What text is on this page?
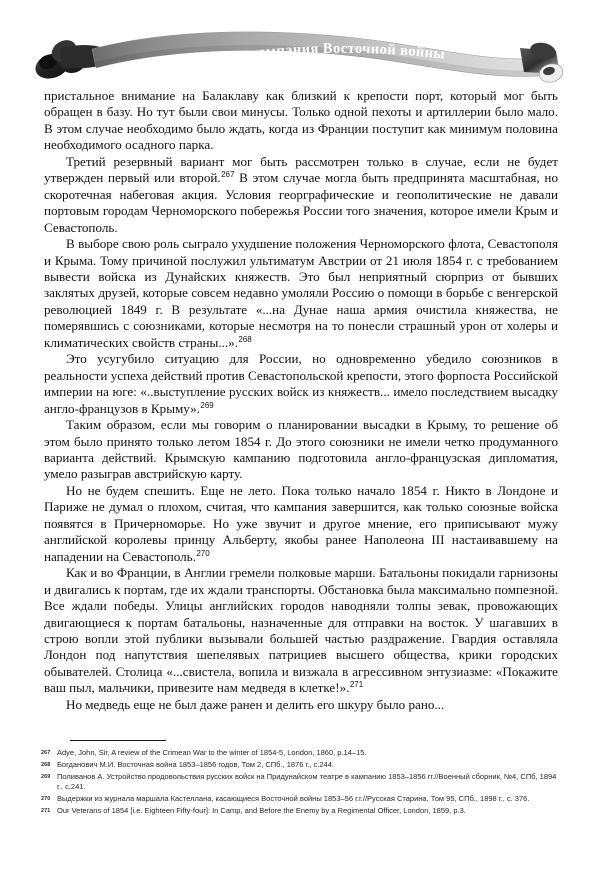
Крымская кампания Восточной войны

пристальное внимание на Балаклаву как близкий к крепости порт, который мог быть обращен в базу. Но тут были свои минусы. Только одной пехоты и артиллерии было мало. В этом случае необходимо было ждать, когда из Франции поступит как минимум половина необходимого осадного парка.

Третий резервный вариант мог быть рассмотрен только в случае, если не будет утвержден первый или второй.$^{267}$ В этом случае могла быть предпринята масштабная, но скоротечная набеговая акция. Условия георграфические и геополитические не давали портовым городам Черноморского побережья России того значения, которое имели Крым и Севастополь.

В выборе свою роль сыграло ухудшение положения Черноморского флота, Севастополя и Крыма. Тому причиной послужил ультиматум Австрии от 21 июля 1854 г. с требованием вывести войска из Дунайских княжеств. Это был неприятный сюрприз от бывших заклятых друзей, которые совсем недавно умоляли Россию о помощи в борьбе с венгерской революцией 1849 г. В результате «...на Дунае наша армия очистила княжества, не померявшись с союзниками, которые несмотря на то понесли страшный урон от холеры и климатических свойств страны...».$^{268}$

Это усугубило ситуацию для России, но одновременно убедило союзников в реальности успеха действий против Севастопольской крепости, этого форпоста Российской империи на юге: «..выступление русских войск из княжеств... имело последствием высадку англо-французов в Крыму».$^{269}$

Таким образом, если мы говорим о планировании высадки в Крыму, то решение об этом было принято только летом 1854 г. До этого союзники не имели четко продуманного варианта действий. Крымскую кампанию подготовила англо-французская дипломатия, умело разыграв австрийскую карту.

Но не будем спешить. Еще не лето. Пока только начало 1854 г. Никто в Лондоне и Париже не думал о плохом, считая, что кампания завершится, как только союзные войска появятся в Причерноморье. Но уже звучит и другое мнение, его приписывают мужу английской королевы принцу Альберту, якобы ранее Наполеона III настаивавшему на нападении на Севастополь.$^{270}$

Как и во Франции, в Англии гремели полковые марши. Батальоны покидали гарнизоны и двигались к портам, где их ждали транспорты. Обстановка была максимально помпезной. Все ждали победы. Улицы английских городов наводняли толпы зевак, провожающих двигающиеся к портам батальоны, назначенные для отправки на восток. У шагавших в строю вопли этой публики вызывали большей частью раздражение. Гвардия оставляла Лондон под напутствия шепелявых патрициев высшего общества, крики городских обывателей. Столица «...свистела, вопила и визжала в агрессивном энтузиазме: «Покажите ваш пыл, мальчики, привезите нам медведя в клетке!».$^{271}$

Но медведь еще не был даже ранен и делить его шкуру было рано...

267 Adye, John, Sir, A review of the Crimean War to the winter of 1854-5, London, 1860, p.14–15.
268 Богданович М.И. Восточная война 1853–1856 годов, Том 2, СПб., 1876 г., с.244.
269 Поливанов А. Устройство продовольствия русских войск на Придунайском театре в кампанию 1853–1856 гг.//Военный сборник, №4, СПб, 1894 г., с.241.
270 Выдержки из журнала маршала Кастеллана, касающиеся Восточной войны 1853–56 г.г.//Русская Старина, Том 95, СПб., 1898 г., с. 376.
271 Our Veterans of 1854 [i.e. Eighteen Fifty-four]: In Camp, and Before the Enemy by a Regimental Officer, London, 1859, p.3.
